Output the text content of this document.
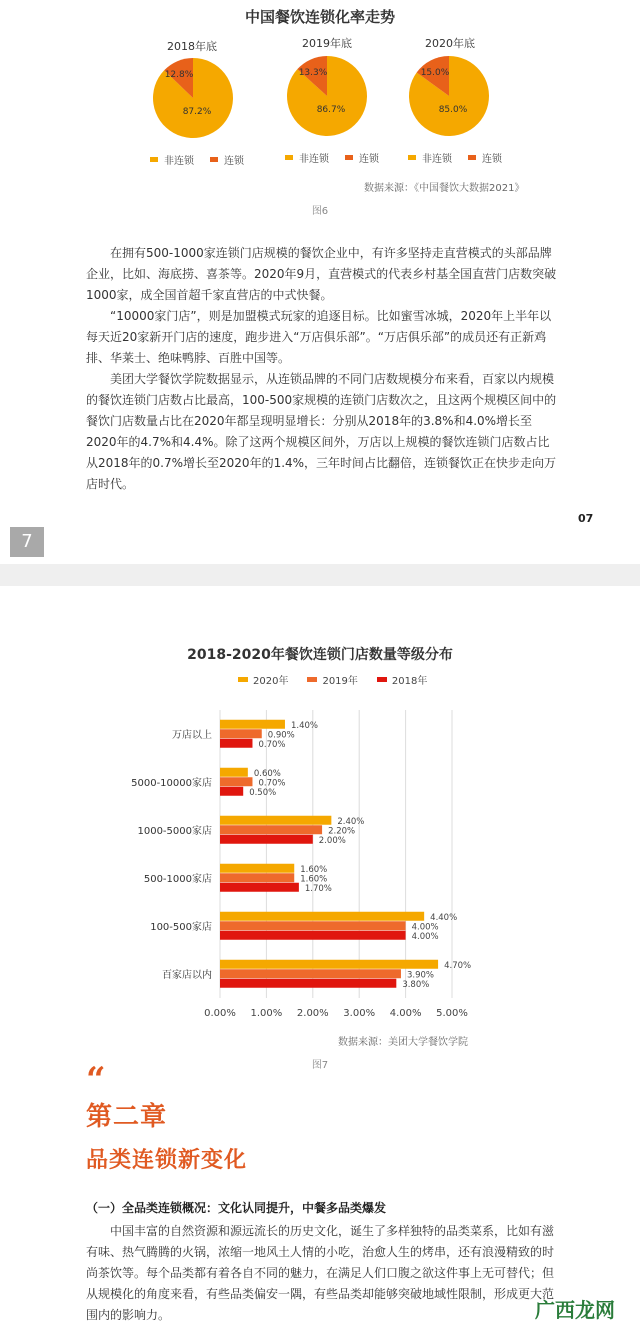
中国餐饮连锁化率走势
2018年底	2019年底	2020年底
87.2%
12.8%
86.7%
13.3%
85.0%
15.0%
非连锁	连锁	非连锁	连锁	非连锁	连锁
数据来源：《中国餐饮大数据2021》
图6

在拥有500-1000家连锁门店规模的餐饮企业中，有许多坚持走直营模式的头部品牌企业，比如、海底捞、喜茶等。2020年9月，直营模式的代表乡村基全国直营门店数突破1000家，成全国首超千家直营店的中式快餐。

“10000家门店”，则是加盟模式玩家的追逐目标。比如蜜雪冰城，2020年上半年以每天近20家新开门店的速度，跑步进入“万店俱乐部”。“万店俱乐部”的成员还有正新鸡排、华莱士、绝味鸭脖、百胜中国等。

美团大学餐饮学院数据显示，从连锁品牌的不同门店数规模分布来看，百家以内规模的餐饮连锁门店数占比最高，100-500家规模的连锁门店数次之，且这两个规模区间中的餐饮门店数量占比在2020年都呈现明显增长：分别从2018年的3.8%和4.0%增长至2020年的4.7%和4.4%。除了这两个规模区间外，万店以上规模的餐饮连锁门店数占比从2018年的0.7%增长至2020年的1.4%，三年时间占比翻倍，连锁餐饮正在快步走向万店时代。

07
7
2018-2020年餐饮连锁门店数量等级分布
2020年	2019年	2018年
0.00% 1.00% 2.00% 3.00% 4.00% 5.00%
万店以上
1.40%
0.90%
0.70%
5000-10000家店
0.60%
0.70%
0.50%
1000-5000家店
2.40%
2.20%
2.00%
500-1000家店
1.60%
1.60%
1.70%
100-500家店
4.40%
4.00%
4.00%
百家店以内
4.70%
3.90%
3.80%
数据来源：美团大学餐饮学院
图7
“
第二章
品类连锁新变化
（一）全品类连锁概况：文化认同提升，中餐多品类爆发

中国丰富的自然资源和源远流长的历史文化，诞生了多样独特的品类菜系，比如有滋有味、热气腾腾的火锅，浓缩一地风土人情的小吃，治愈人生的烤串，还有浪漫精致的时尚茶饮等。每个品类都有着各自不同的魅力，在满足人们口腹之欲这件事上无可替代；但从规模化的角度来看，有些品类偏安一隅，有些品类却能够突破地域性限制，形成更大范围内的影响力。	广西龙网
